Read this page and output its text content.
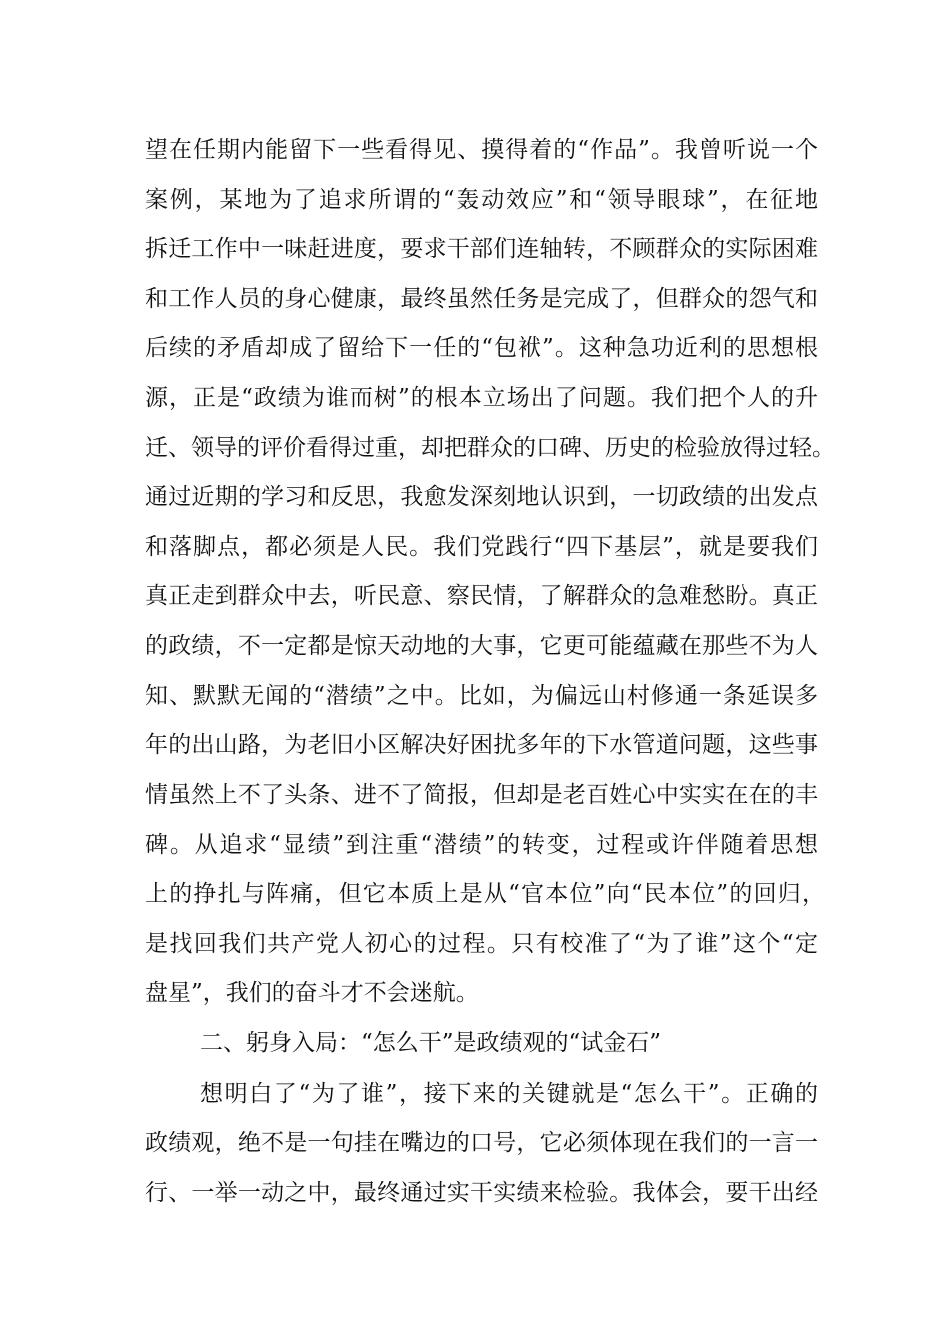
望在任期内能留下一些看得见、摸得着的“作品”。我曾听说一个
案例，某地为了追求所谓的“轰动效应”和“领导眼球”，在征地
拆迁工作中一味赶进度，要求干部们连轴转，不顾群众的实际困难
和工作人员的身心健康，最终虽然任务是完成了，但群众的怨气和
后续的矛盾却成了留给下一任的“包袱”。这种急功近利的思想根
源，正是“政绩为谁而树”的根本立场出了问题。我们把个人的升
迁、领导的评价看得过重，却把群众的口碑、历史的检验放得过轻。
通过近期的学习和反思，我愈发深刻地认识到，一切政绩的出发点
和落脚点，都必须是人民。我们党践行“四下基层”，就是要我们
真正走到群众中去，听民意、察民情，了解群众的急难愁盼。真正
的政绩，不一定都是惊天动地的大事，它更可能蕴藏在那些不为人
知、默默无闻的“潜绩”之中。比如，为偏远山村修通一条延误多
年的出山路，为老旧小区解决好困扰多年的下水管道问题，这些事
情虽然上不了头条、进不了简报，但却是老百姓心中实实在在的丰
碑。从追求“显绩”到注重“潜绩”的转变，过程或许伴随着思想
上的挣扎与阵痛，但它本质上是从“官本位”向“民本位”的回归，
是找回我们共产党人初心的过程。只有校准了“为了谁”这个“定
盘星”，我们的奋斗才不会迷航。
二、躬身入局：“怎么干”是政绩观的“试金石”
想明白了“为了谁”，接下来的关键就是“怎么干”。正确的
政绩观，绝不是一句挂在嘴边的口号，它必须体现在我们的一言一
行、一举一动之中，最终通过实干实绩来检验。我体会，要干出经
